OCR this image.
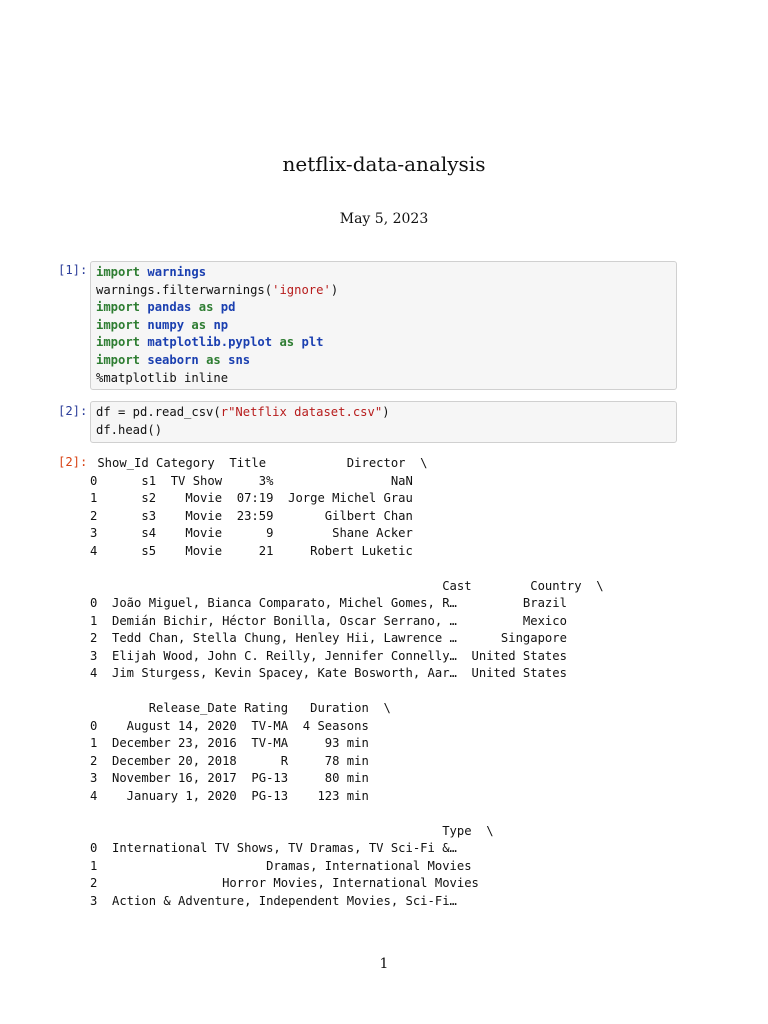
netflix-data-analysis
May 5, 2023
[1]: import warnings
warnings.filterwarnings('ignore')
import pandas as pd
import numpy as np
import matplotlib.pyplot as plt
import seaborn as sns
%matplotlib inline
[2]: df = pd.read_csv(r"Netflix dataset.csv")
df.head()
[2]: Show_Id Category  Title           Director  \
0      s1  TV Show     3%                NaN
1      s2    Movie  07:19  Jorge Michel Grau
2      s3    Movie  23:59       Gilbert Chan
3      s4    Movie      9        Shane Acker
4      s5    Movie     21     Robert Luketic

Cast        Country  \
0  João Miguel, Bianca Comparato, Michel Gomes, R…         Brazil
1  Demián Bichir, Héctor Bonilla, Oscar Serrano, …         Mexico
2  Tedd Chan, Stella Chung, Henley Hii, Lawrence …      Singapore
3  Elijah Wood, John C. Reilly, Jennifer Connelly…  United States
4  Jim Sturgess, Kevin Spacey, Kate Bosworth, Aar…  United States

Release_Date Rating   Duration  \
0    August 14, 2020  TV-MA  4 Seasons
1  December 23, 2016  TV-MA     93 min
2  December 20, 2018      R     78 min
3  November 16, 2017  PG-13     80 min
4    January 1, 2020  PG-13    123 min

Type  \
0  International TV Shows, TV Dramas, TV Sci-Fi &…
1                       Dramas, International Movies
2                 Horror Movies, International Movies
3  Action & Adventure, Independent Movies, Sci-Fi…
1
